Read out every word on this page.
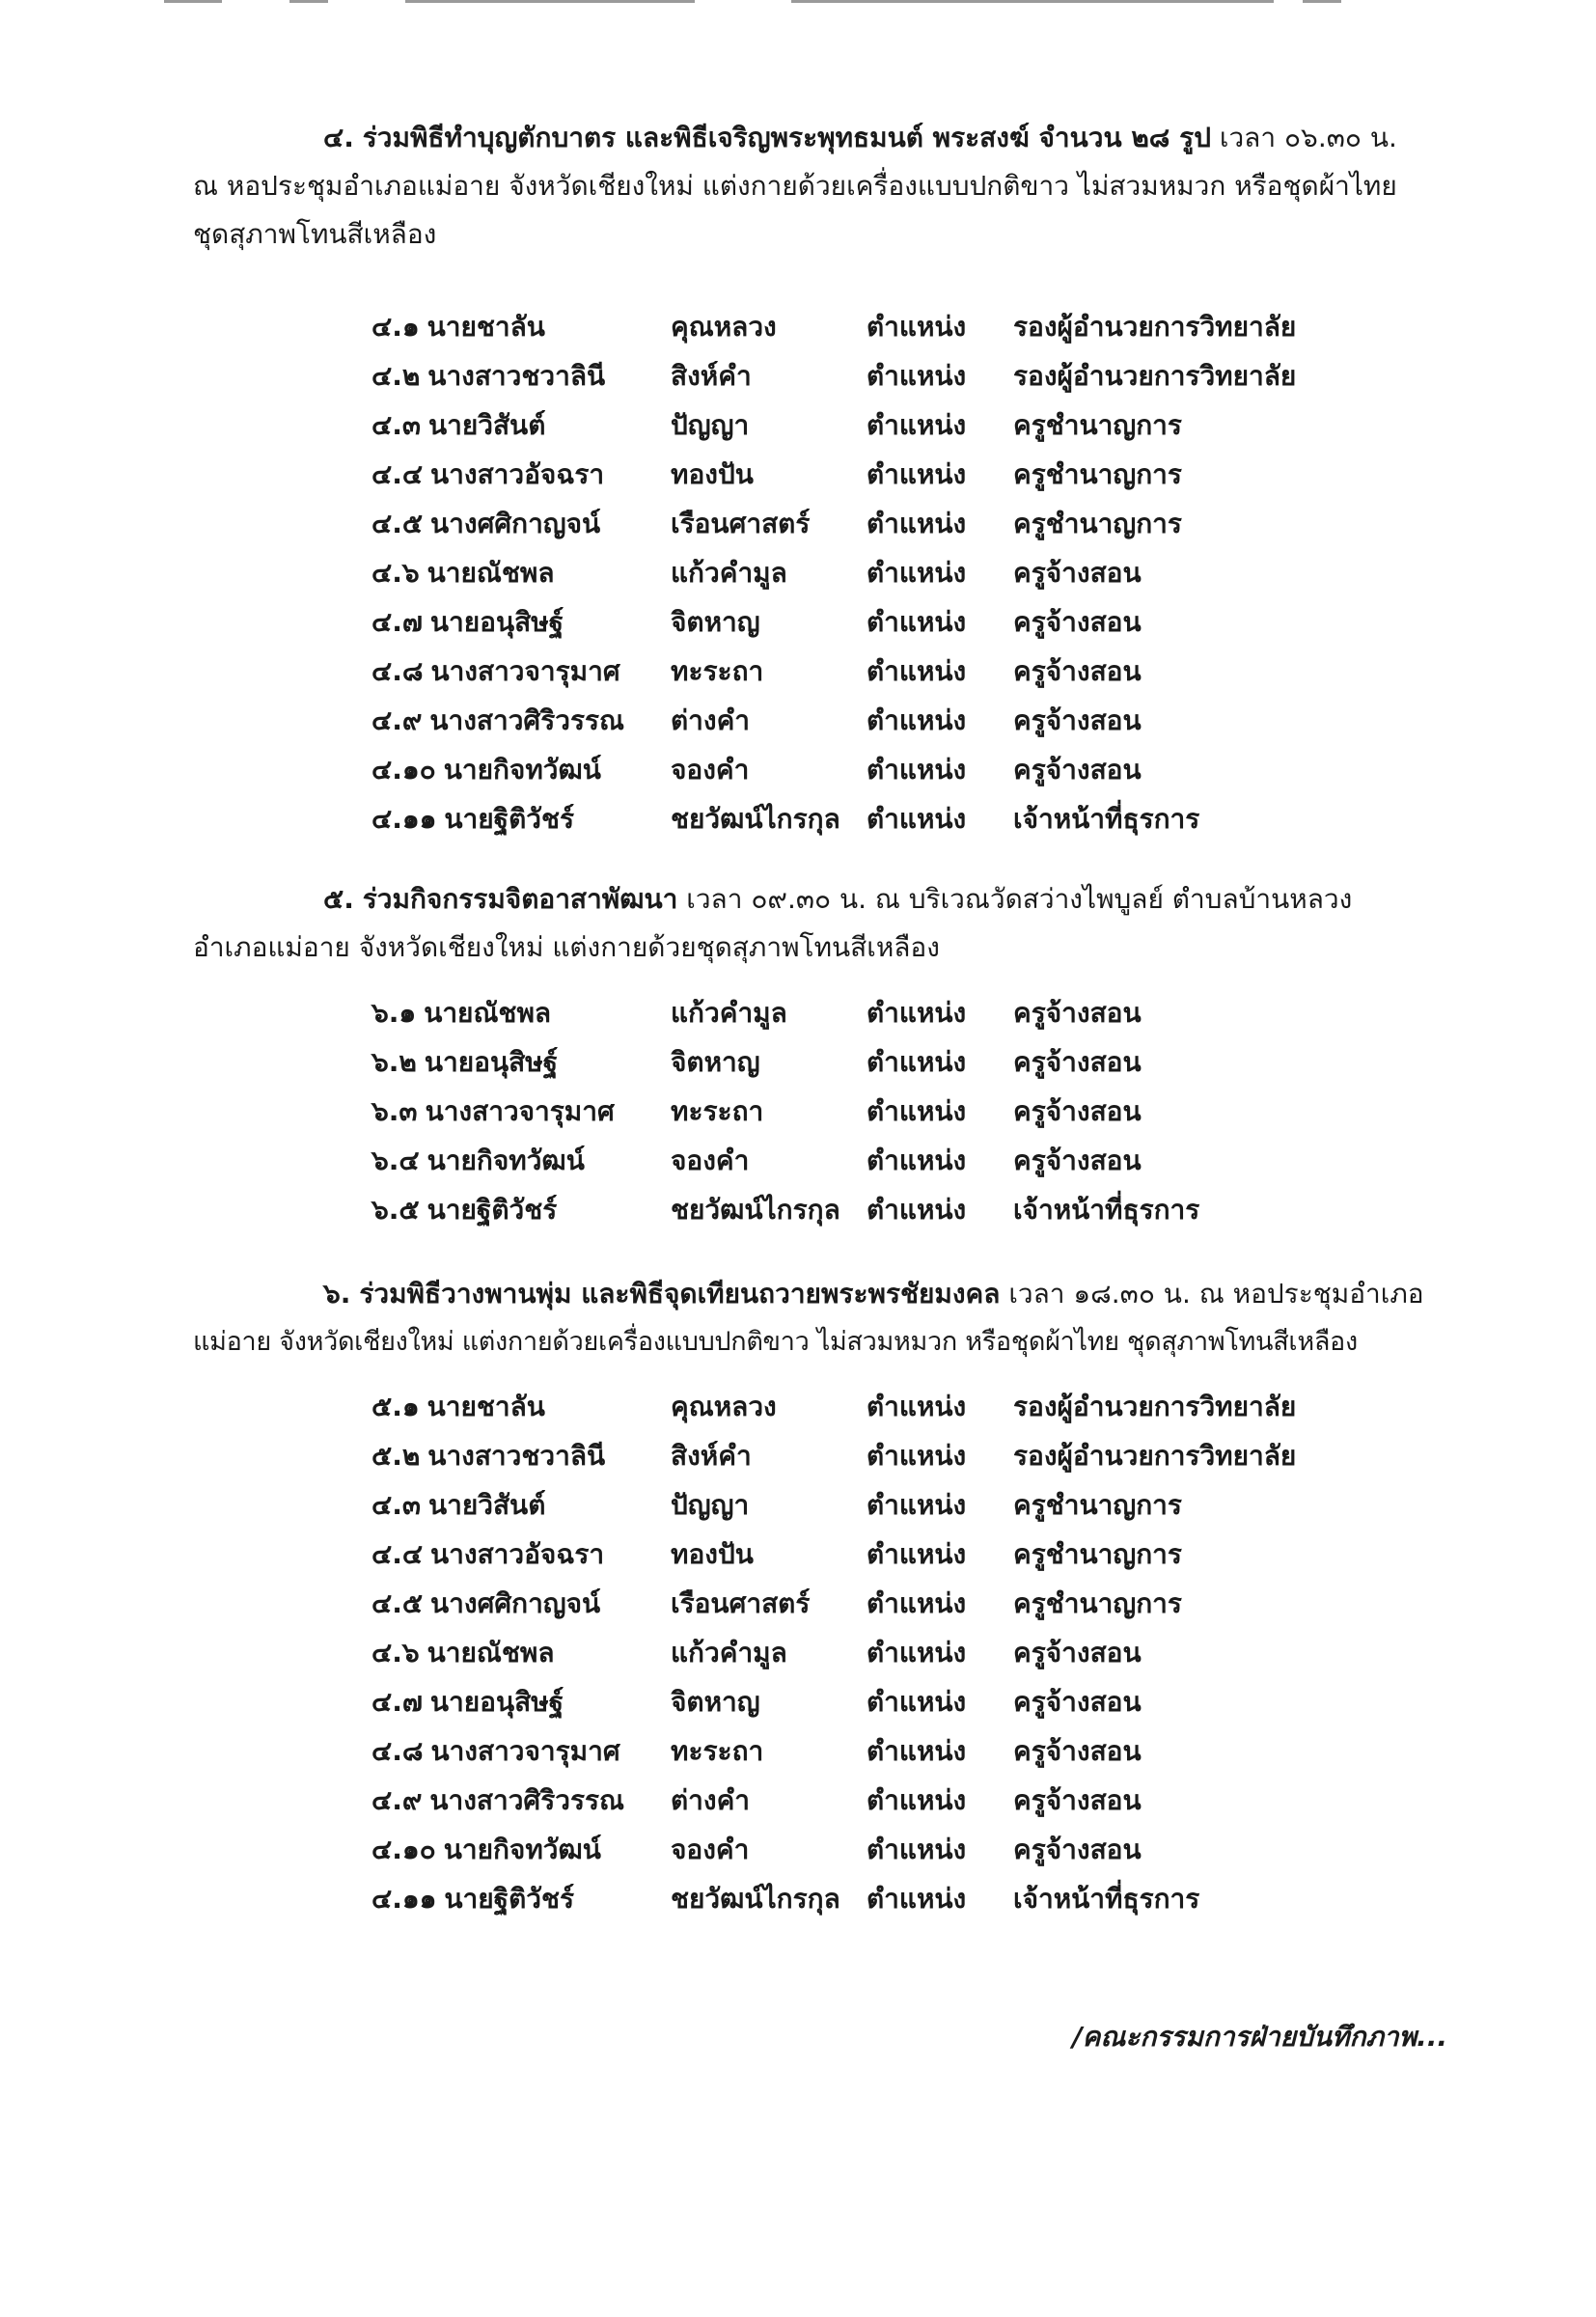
๔. ร่วมพิธีทำบุญตักบาตร และพิธีเจริญพระพุทธมนต์ พระสงฆ์ จำนวน ๒๘ รูป เวลา ๐๖.๓๐ น.
ณ หอประชุมอำเภอแม่อาย จังหวัดเชียงใหม่ แต่งกายด้วยเครื่องแบบปกติขาว ไม่สวมหมวก หรือชุดผ้าไทย
ชุดสุภาพโทนสีเหลือง
๔.๑ นายชาลัน	คุณหลวง	ตำแหน่ง รองผู้อำนวยการวิทยาลัย
๔.๒ นางสาวชวาลินี สิงห์คำ	ตำแหน่ง รองผู้อำนวยการวิทยาลัย
๔.๓ นายวิสันต์	ปัญญา	ตำแหน่ง ครูชำนาญการ
๔.๔ นางสาวอัจฉรา ทองปัน	ตำแหน่ง ครูชำนาญการ
๔.๕ นางศศิกาญจน์	เรือนศาสตร์ ตำแหน่ง ครูชำนาญการ
๔.๖ นายณัชพล	แก้วคำมูล	ตำแหน่ง ครูจ้างสอน
๔.๗ นายอนุสิษฐ์	จิตหาญ	ตำแหน่ง ครูจ้างสอน
๔.๘ นางสาวจารุมาศ ทะระถา	ตำแหน่ง ครูจ้างสอน
๔.๙ นางสาวศิริวรรณ ต่างคำ	ตำแหน่ง ครูจ้างสอน
๔.๑๐ นายกิจทวัฒน์	จองคำ	ตำแหน่ง ครูจ้างสอน
๔.๑๑ นายฐิติวัชร์	ชยวัฒน์ไกรกุล ตำแหน่ง เจ้าหน้าที่ธุรการ
๕. ร่วมกิจกรรมจิตอาสาพัฒนา เวลา ๐๙.๓๐ น. ณ บริเวณวัดสว่างไพบูลย์ ตำบลบ้านหลวง
อำเภอแม่อาย จังหวัดเชียงใหม่ แต่งกายด้วยชุดสุภาพโทนสีเหลือง
๖.๑ นายณัชพล	แก้วคำมูล	ตำแหน่ง ครูจ้างสอน
๖.๒ นายอนุสิษฐ์	จิตหาญ	ตำแหน่ง ครูจ้างสอน
๖.๓ นางสาวจารุมาศ ทะระถา	ตำแหน่ง ครูจ้างสอน
๖.๔ นายกิจทวัฒน์	จองคำ	ตำแหน่ง ครูจ้างสอน
๖.๕ นายฐิติวัชร์	ชยวัฒน์ไกรกุล ตำแหน่ง เจ้าหน้าที่ธุรการ
๖. ร่วมพิธีวางพานพุ่ม และพิธีจุดเทียนถวายพระพรชัยมงคล เวลา ๑๘.๓๐ น. ณ หอประชุมอำเภอ
แม่อาย จังหวัดเชียงใหม่ แต่งกายด้วยเครื่องแบบปกติขาว ไม่สวมหมวก หรือชุดผ้าไทย ชุดสุภาพโทนสีเหลือง
๕.๑ นายชาลัน	คุณหลวง	ตำแหน่ง รองผู้อำนวยการวิทยาลัย
๕.๒ นางสาวชวาลินี สิงห์คำ	ตำแหน่ง รองผู้อำนวยการวิทยาลัย
๔.๓ นายวิสันต์	ปัญญา	ตำแหน่ง ครูชำนาญการ
๔.๔ นางสาวอัจฉรา ทองปัน	ตำแหน่ง ครูชำนาญการ
๔.๕ นางศศิกาญจน์	เรือนศาสตร์ ตำแหน่ง ครูชำนาญการ
๔.๖ นายณัชพล	แก้วคำมูล	ตำแหน่ง ครูจ้างสอน
๔.๗ นายอนุสิษฐ์	จิตหาญ	ตำแหน่ง ครูจ้างสอน
๔.๘ นางสาวจารุมาศ ทะระถา	ตำแหน่ง ครูจ้างสอน
๔.๙ นางสาวศิริวรรณ ต่างคำ	ตำแหน่ง ครูจ้างสอน
๔.๑๐ นายกิจทวัฒน์	จองคำ	ตำแหน่ง ครูจ้างสอน
๔.๑๑ นายฐิติวัชร์	ชยวัฒน์ไกรกุล ตำแหน่ง เจ้าหน้าที่ธุรการ
/คณะกรรมการฝ่ายบันทึกภาพ...
